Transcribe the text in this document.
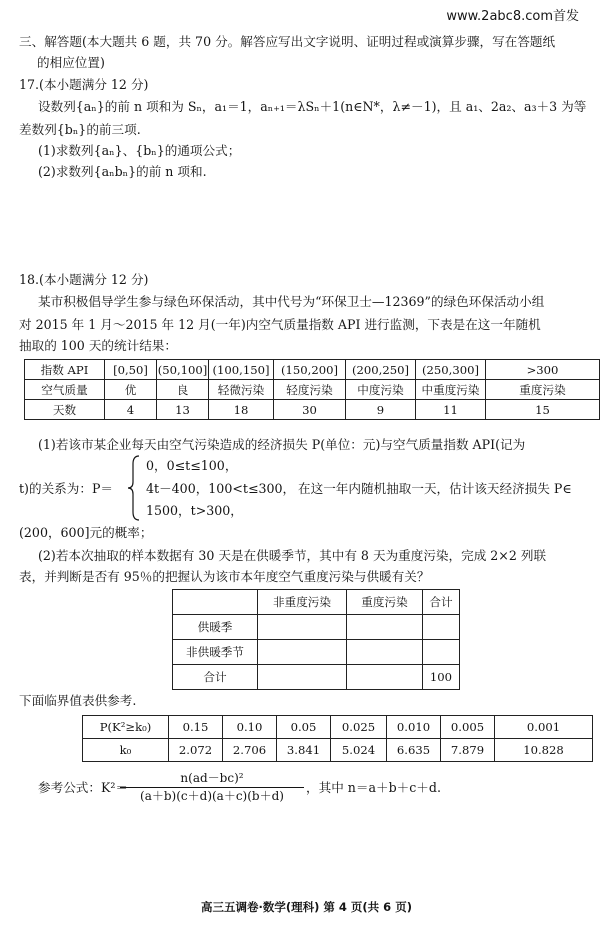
www.2abc8.com首发
三、解答题(本大题共 6 题，共 70 分。解答应写出文字说明、证明过程或演算步骤，写在答题纸
的相应位置)
17.(本小题满分 12 分)
设数列{aₙ}的前 n 项和为 Sₙ，a₁＝1，aₙ₊₁＝λSₙ＋1(n∈N*，λ≠－1)，且 a₁、2a₂、a₃＋3 为等
差数列{bₙ}的前三项.
(1)求数列{aₙ}、{bₙ}的通项公式；
(2)求数列{aₙbₙ}的前 n 项和.
18.(本小题满分 12 分)
某市积极倡导学生参与绿色环保活动，其中代号为“环保卫士—12369”的绿色环保活动小组
对 2015 年 1 月～2015 年 12 月(一年)内空气质量指数 API 进行监测，下表是在这一年随机
抽取的 100 天的统计结果：
指数 API	[0,50]	(50,100]	(100,150]	(150,200]	(200,250]	(250,300]	>300
空气质量	优	良	轻微污染	轻度污染	中度污染	中重度污染	重度污染
天数	4	13	18	30	9	11	15
(1)若该市某企业每天由空气污染造成的经济损失 P(单位：元)与空气质量指数 API(记为
t)的关系为：P＝
0，0≤t≤100，
4t－400，100<t≤300，
1500，t>300，
在这一年内随机抽取一天，估计该天经济损失 P∈
(200，600]元的概率；
(2)若本次抽取的样本数据有 30 天是在供暖季节，其中有 8 天为重度污染，完成 2×2 列联
表，并判断是否有 95％的把握认为该市本年度空气重度污染与供暖有关？
	非重度污染	重度污染	合计
供暖季			
非供暖季节			
合计			100
下面临界值表供参考.
P(K²≥k₀)	0.15	0.10	0.05	0.025	0.010	0.005	0.001
k₀	2.072	2.706	3.841	5.024	6.635	7.879	10.828
参考公式：K²＝
$\frac{\text{n(ad－bc)²}}{(a+b)(c+d)(a+c)(b+d)}$ ，其中 n＝a＋b＋c＋d.
高三五调卷·数学(理科) 第 4 页(共 6 页)
